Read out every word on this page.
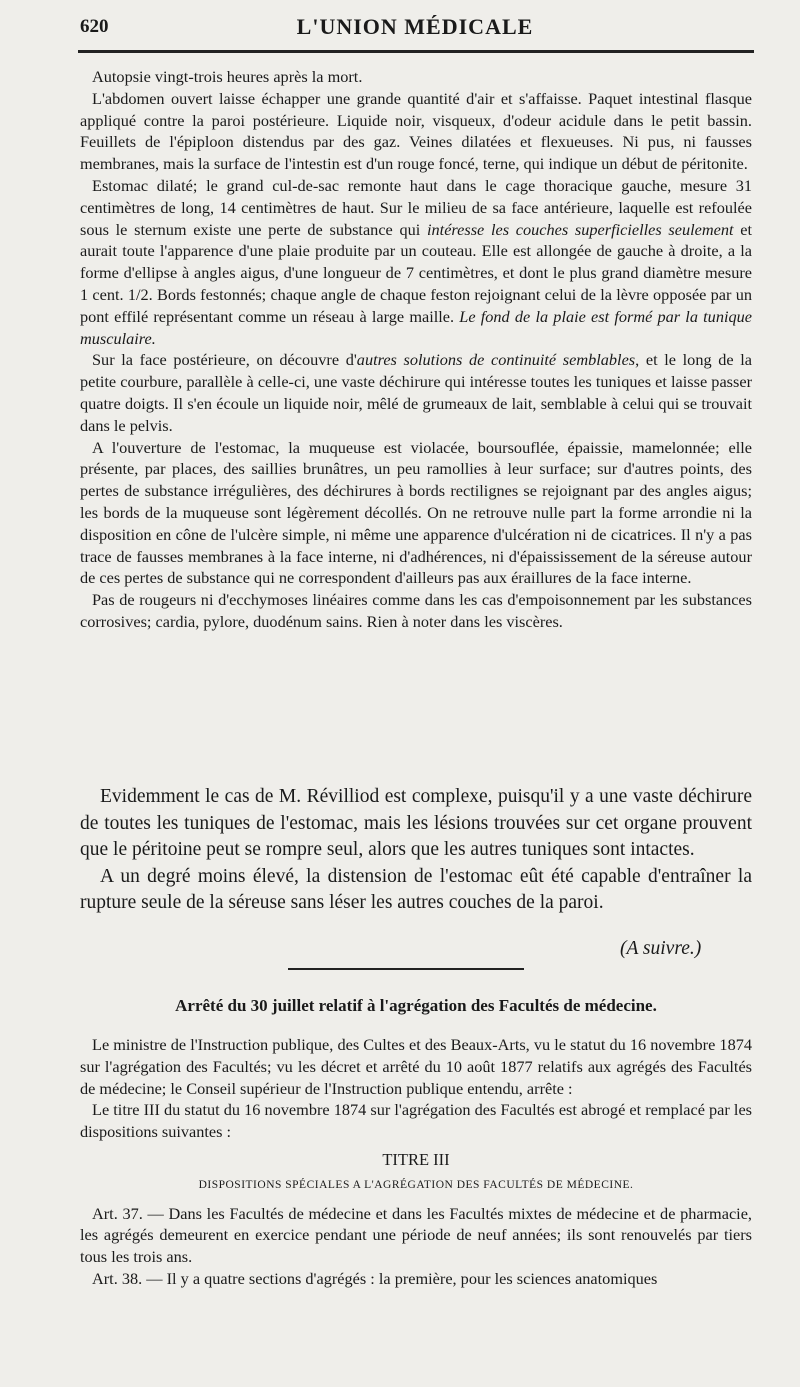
620	L'UNION MÉDICALE

Autopsie vingt-trois heures après la mort.

L'abdomen ouvert laisse échapper une grande quantité d'air et s'affaisse. Paquet intestinal flasque appliqué contre la paroi postérieure. Liquide noir, visqueux, d'odeur acidule dans le petit bassin. Feuillets de l'épiploon distendus par des gaz. Veines dilatées et flexueuses. Ni pus, ni fausses membranes, mais la surface de l'intestin est d'un rouge foncé, terne, qui indique un début de péritonite.

Estomac dilaté; le grand cul-de-sac remonte haut dans le cage thoracique gauche, mesure 31 centimètres de long, 14 centimètres de haut. Sur le milieu de sa face antérieure, laquelle est refoulée sous le sternum existe une perte de substance qui intéresse les couches superficielles seulement et aurait toute l'apparence d'une plaie produite par un couteau. Elle est allongée de gauche à droite, a la forme d'ellipse à angles aigus, d'une longueur de 7 centimètres, et dont le plus grand diamètre mesure 1 cent. 1/2. Bords festonnés; chaque angle de chaque feston rejoignant celui de la lèvre opposée par un pont effilé représentant comme un réseau à large maille. Le fond de la plaie est formé par la tunique musculaire.

Sur la face postérieure, on découvre d'autres solutions de continuité semblables, et le long de la petite courbure, parallèle à celle-ci, une vaste déchirure qui intéresse toutes les tuniques et laisse passer quatre doigts. Il s'en écoule un liquide noir, mêlé de grumeaux de lait, semblable à celui qui se trouvait dans le pelvis.

A l'ouverture de l'estomac, la muqueuse est violacée, boursouflée, épaissie, mamelonnée; elle présente, par places, des saillies brunâtres, un peu ramollies à leur surface; sur d'autres points, des pertes de substance irrégulières, des déchirures à bords rectilignes se rejoignant par des angles aigus; les bords de la muqueuse sont légèrement décollés. On ne retrouve nulle part la forme arrondie ni la disposition en cône de l'ulcère simple, ni même une apparence d'ulcération ni de cicatrices. Il n'y a pas trace de fausses membranes à la face interne, ni d'adhérences, ni d'épaississement de la séreuse autour de ces pertes de substance qui ne correspondent d'ailleurs pas aux éraillures de la face interne.

Pas de rougeurs ni d'ecchymoses linéaires comme dans les cas d'empoisonnement par les substances corrosives; cardia, pylore, duodénum sains. Rien à noter dans les viscères.

Evidemment le cas de M. Révilliod est complexe, puisqu'il y a une vaste déchirure de toutes les tuniques de l'estomac, mais les lésions trouvées sur cet organe prouvent que le péritoine peut se rompre seul, alors que les autres tuniques sont intactes.

A un degré moins élevé, la distension de l'estomac eût été capable d'entraîner la rupture seule de la séreuse sans léser les autres couches de la paroi.

(A suivre.)
Arrêté du 30 juillet relatif à l'agrégation des Facultés de médecine.

Le ministre de l'Instruction publique, des Cultes et des Beaux-Arts, vu le statut du 16 novembre 1874 sur l'agrégation des Facultés; vu les décret et arrêté du 10 août 1877 relatifs aux agrégés des Facultés de médecine; le Conseil supérieur de l'Instruction publique entendu, arrête :

Le titre III du statut du 16 novembre 1874 sur l'agrégation des Facultés est abrogé et remplacé par les dispositions suivantes :

TITRE III

DISPOSITIONS SPÉCIALES A L'AGRÉGATION DES FACULTÉS DE MÉDECINE.

Art. 37. — Dans les Facultés de médecine et dans les Facultés mixtes de médecine et de pharmacie, les agrégés demeurent en exercice pendant une période de neuf années; ils sont renouvelés par tiers tous les trois ans.

Art. 38. — Il y a quatre sections d'agrégés : la première, pour les sciences anatomiques
